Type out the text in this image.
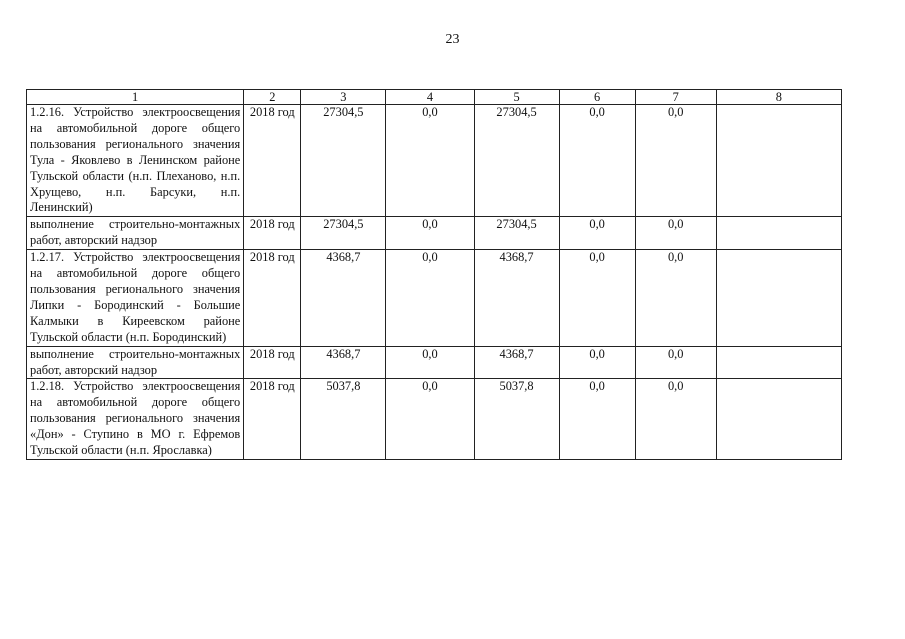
23
1	2	3	4	5	6	7	8
1.2.16. Устройство электроосвещения на автомобильной дороге общего пользования регионального значения Тула - Яковлево в Ленинском районе Тульской области (н.п. Плеханово, н.п. Хрущево, н.п. Барсуки, н.п. Ленинский)	2018 год	27304,5	0,0	27304,5	0,0	0,0	
выполнение строительно-монтажных работ, авторский надзор	2018 год	27304,5	0,0	27304,5	0,0	0,0	
1.2.17. Устройство электроосвещения на автомобильной дороге общего пользования регионального значения Липки - Бородинский - Большие Калмыки в Киреевском районе Тульской области (н.п. Бородинский)	2018 год	4368,7	0,0	4368,7	0,0	0,0	
выполнение строительно-монтажных работ, авторский надзор	2018 год	4368,7	0,0	4368,7	0,0	0,0	
1.2.18. Устройство электроосвещения на автомобильной дороге общего пользования регионального значения «Дон» - Ступино в МО г. Ефремов Тульской области (н.п. Ярославка)	2018 год	5037,8	0,0	5037,8	0,0	0,0	
